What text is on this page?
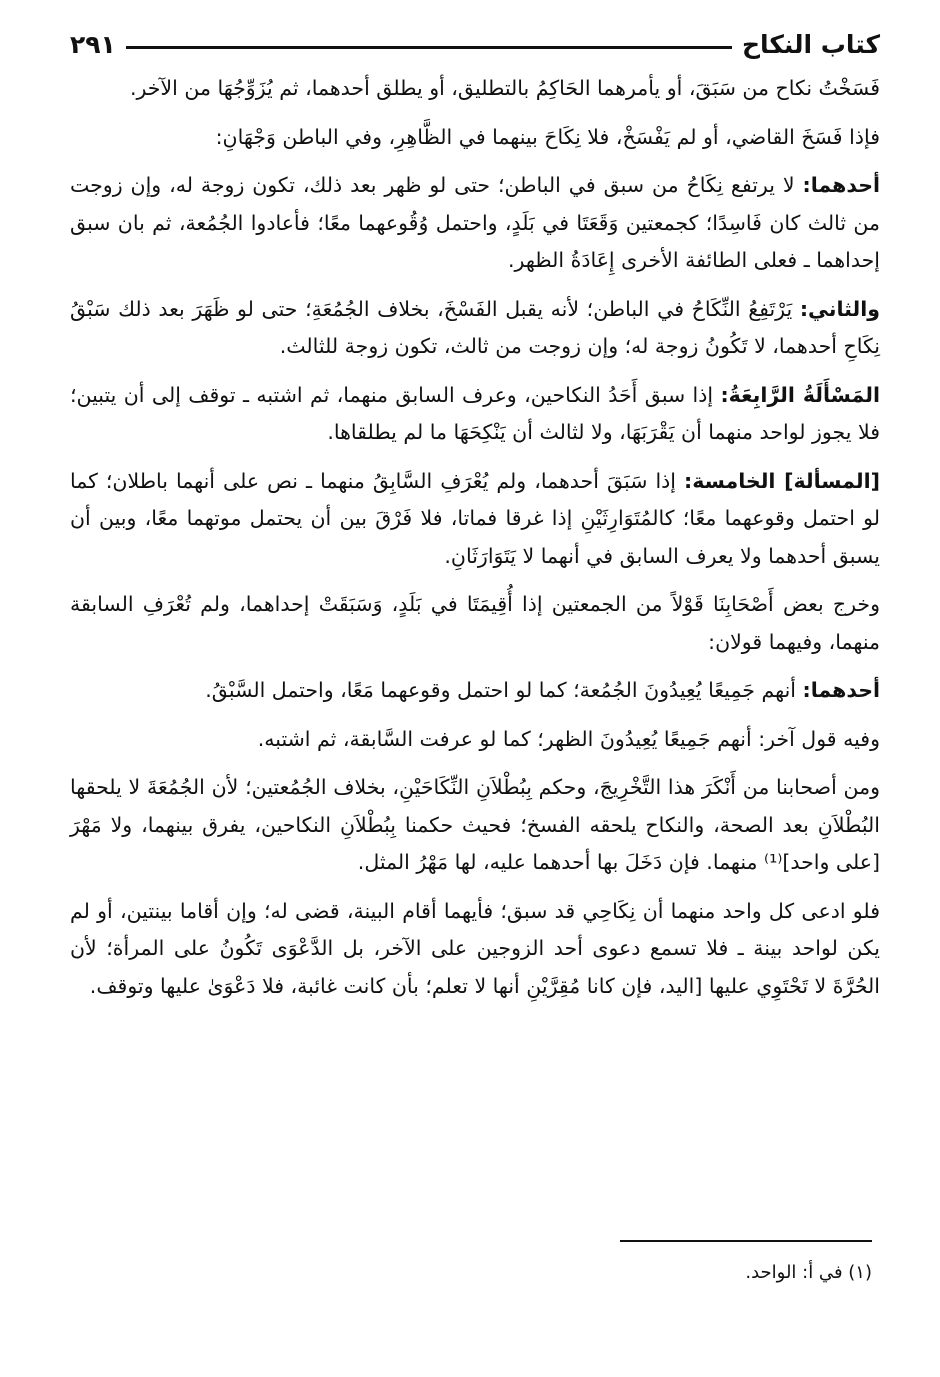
كتاب النكاح
٢٩١

فَسَخْتُ نكاح من سَبَقَ، أو يأمرهما الحَاكِمُ بالتطليق، أو يطلق أحدهما، ثم يُزَوِّجُهَا من الآخر.

فإذا فَسَخَ القاضي، أو لم يَفْسَخْ، فلا نِكَاحَ بينهما في الظَّاهِرِ، وفي الباطن وَجْهَانِ:

أحدهما: لا يرتفع نِكَاحُ من سبق في الباطن؛ حتى لو ظهر بعد ذلك، تكون زوجة له، وإن زوجت من ثالث كان فَاسِدًا؛ كجمعتين وَقَعَتَا في بَلَدٍ، واحتمل وُقُوعهما معًا؛ فأعادوا الجُمُعة، ثم بان سبق إحداهما ـ فعلى الطائفة الأخرى إِعَادَةُ الظهر.

والثاني: يَرْتَفِعُ النِّكَاحُ في الباطن؛ لأنه يقبل الفَسْخَ، بخلاف الجُمُعَةِ؛ حتى لو ظَهَرَ بعد ذلك سَبْقُ نِكَاحِ أحدهما، لا تَكُونُ زوجة له؛ وإن زوجت من ثالث، تكون زوجة للثالث.

المَسْأَلَةُ الرَّابِعَةُ: إذا سبق أَحَدُ النكاحين، وعرف السابق منهما، ثم اشتبه ـ توقف إلى أن يتبين؛ فلا يجوز لواحد منهما أن يَقْرَبَهَا، ولا لثالث أن يَنْكِحَهَا ما لم يطلقاها.

[المسألة] الخامسة: إذا سَبَقَ أحدهما، ولم يُعْرَفِ السَّابِقُ منهما ـ نص على أنهما باطلان؛ كما لو احتمل وقوعهما معًا؛ كالمُتَوَارِثَيْنِ إذا غرقا فماتا، فلا فَرْقَ بين أن يحتمل موتهما معًا، وبين أن يسبق أحدهما ولا يعرف السابق في أنهما لا يَتَوَارَثَانِ.

وخرج بعض أَصْحَابِنَا قَوْلاً من الجمعتين إذا أُقِيمَتَا في بَلَدٍ، وَسَبَقَتْ إحداهما، ولم تُعْرَفِ السابقة منهما، وفيهما قولان:

أحدهما: أنهم جَمِيعًا يُعِيدُونَ الجُمُعة؛ كما لو احتمل وقوعهما مَعًا، واحتمل السَّبْقُ.

وفيه قول آخر: أنهم جَمِيعًا يُعِيدُونَ الظهر؛ كما لو عرفت السَّابقة، ثم اشتبه.

ومن أصحابنا من أَنْكَرَ هذا التَّخْرِيجَ، وحكم بِبُطْلاَنِ النِّكَاحَيْنِ، بخلاف الجُمُعتين؛ لأن الجُمُعَةَ لا يلحقها البُطْلاَنِ بعد الصحة، والنكاح يلحقه الفسخ؛ فحيث حكمنا بِبُطْلاَنِ النكاحين، يفرق بينهما، ولا مَهْرَ [على واحد]⁽¹⁾ منهما. فإن دَخَلَ بها أحدهما عليه، لها مَهْرُ المثل.

فلو ادعى كل واحد منهما أن نِكَاحِي قد سبق؛ فأيهما أقام البينة، قضى له؛ وإن أقاما بينتين، أو لم يكن لواحد بينة ـ فلا تسمع دعوى أحد الزوجين على الآخر، بل الدَّعْوَى تَكُونُ على المرأة؛ لأن الحُرَّةَ لا تَحْتَوِي عليها [اليد، فإن كانا مُقِرَّيْنِ أنها لا تعلم؛ بأن كانت غائبة، فلا دَعْوَىٰ عليها وتوقف.

(١) في أ: الواحد.
